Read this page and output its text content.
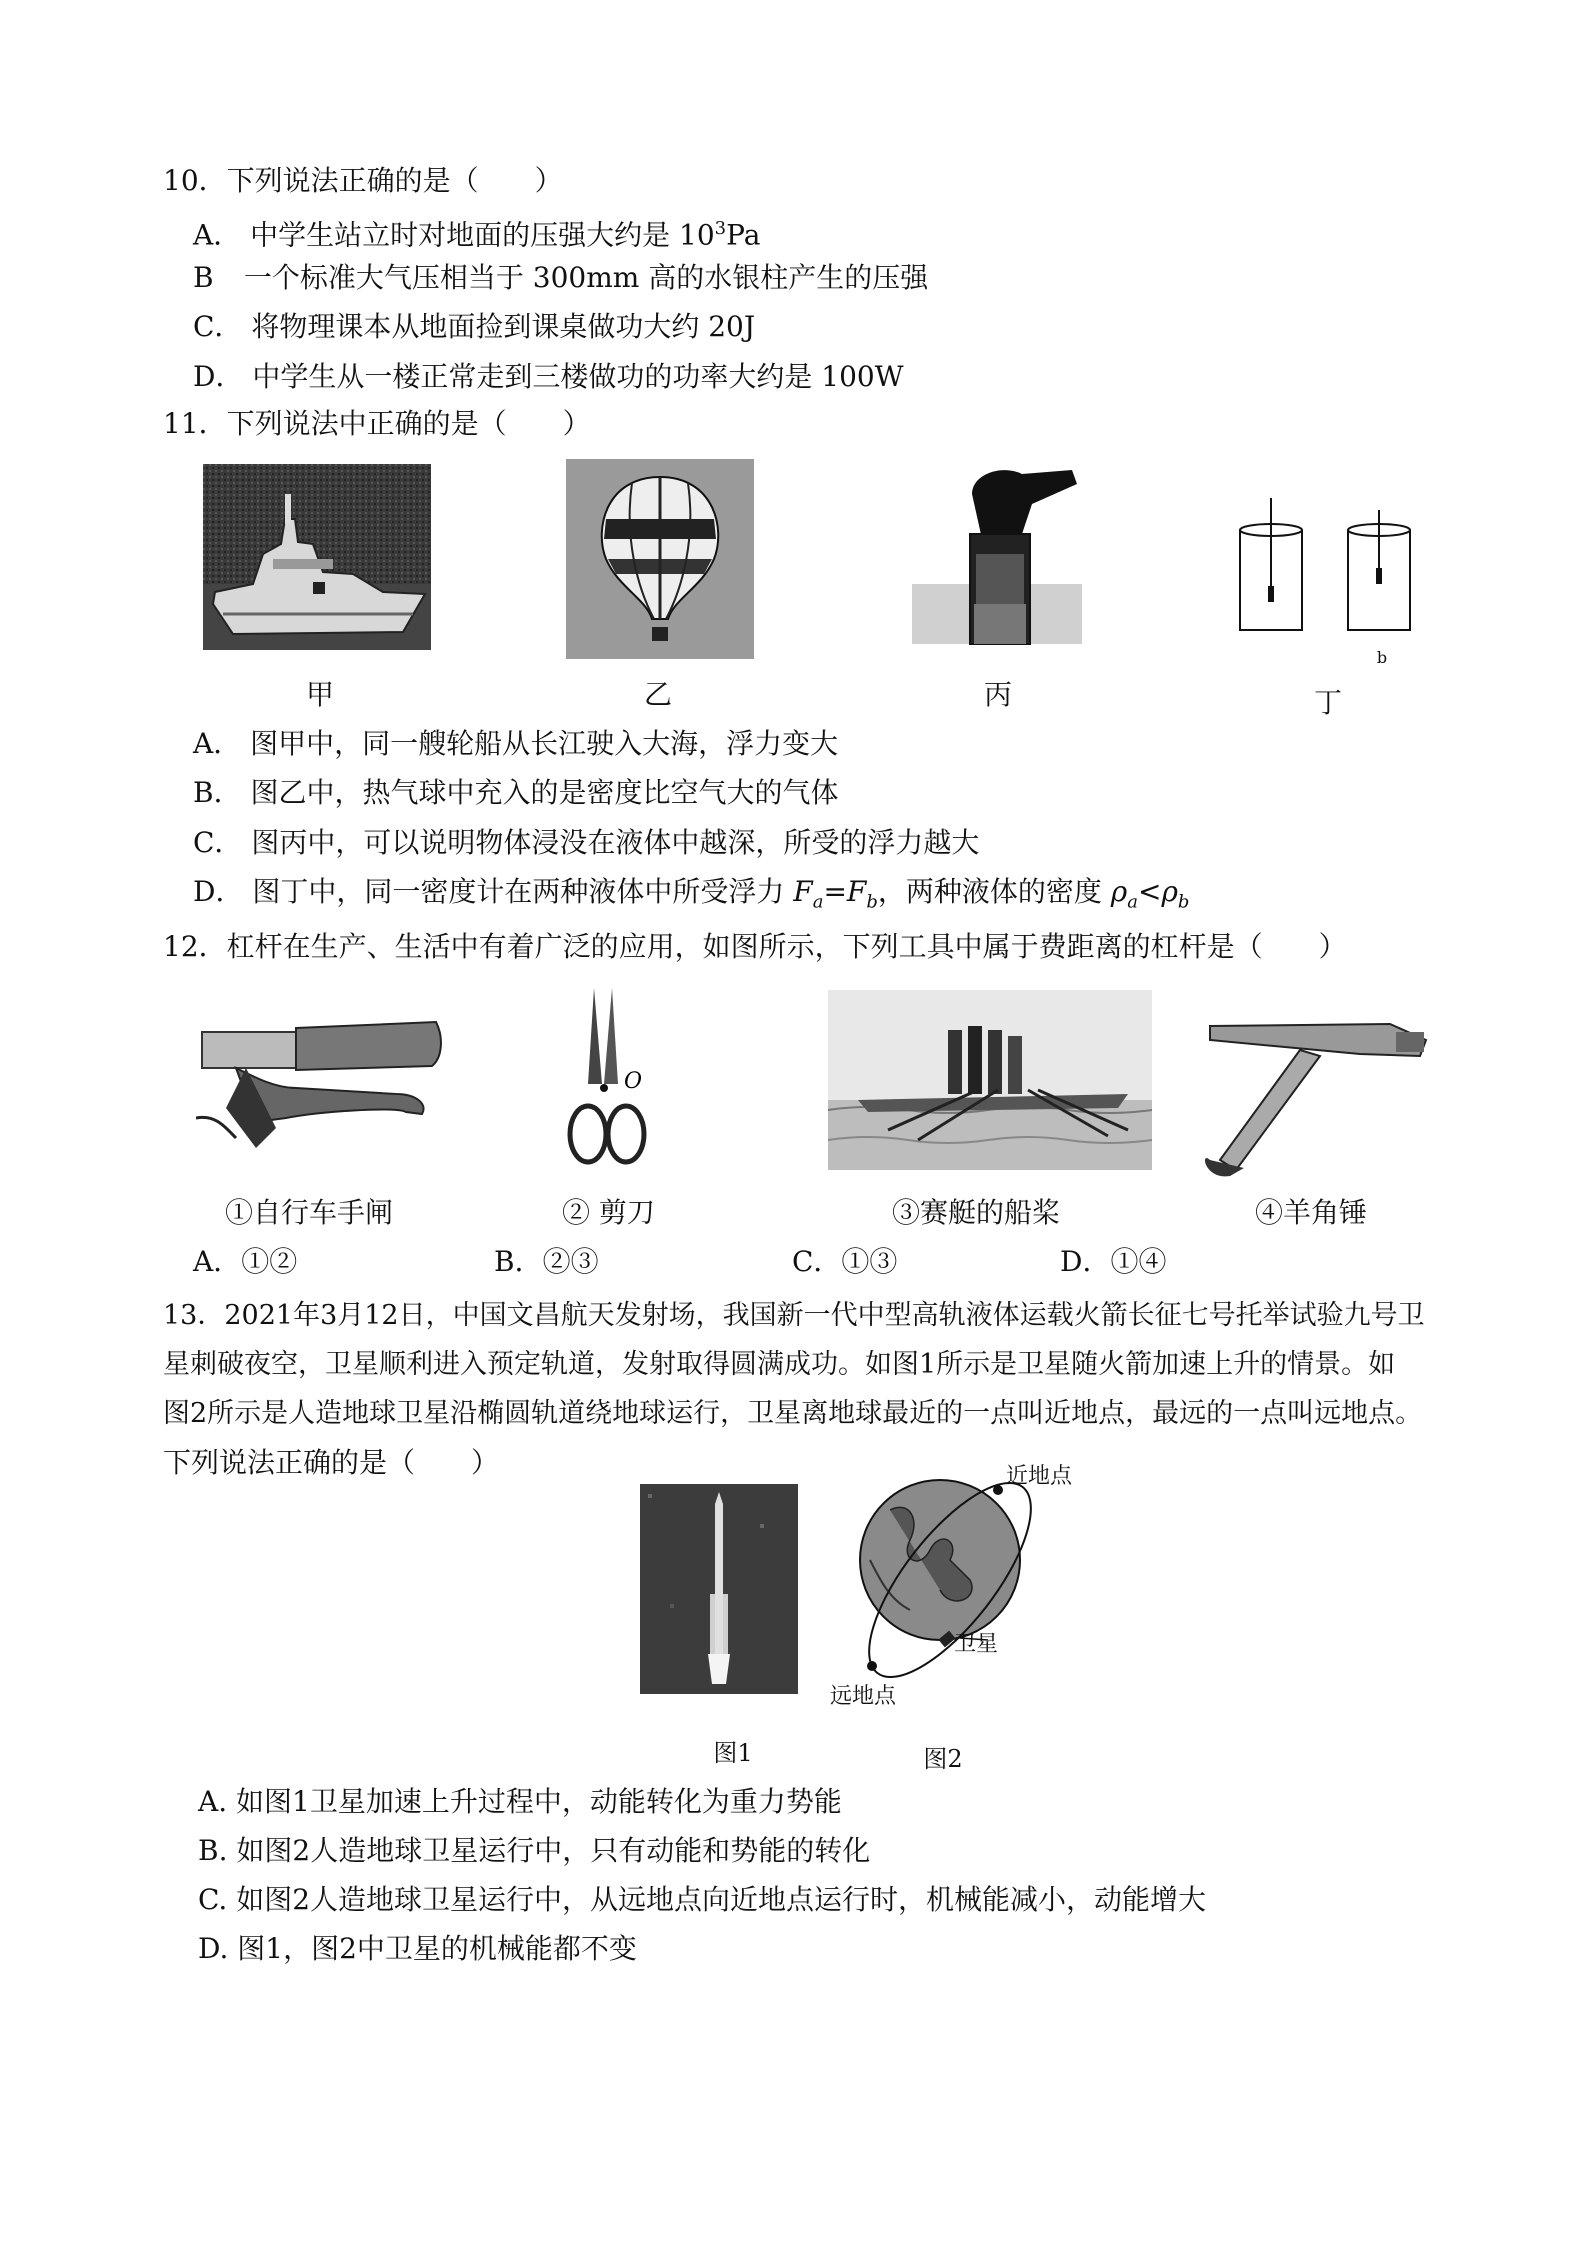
10．下列说法正确的是（　　）
A． 中学生站立时对地面的压强大约是 $10^3Pa$
B 一个标准大气压相当于 300mm 高的水银柱产生的压强
C． 将物理课本从地面捡到课桌做功大约 20J
D． 中学生从一楼正常走到三楼做功的功率大约是 100W
11．下列说法中正确的是（　　）
甲	乙	丙
b
丁
A． 图甲中，同一艘轮船从长江驶入大海，浮力变大
B． 图乙中，热气球中充入的是密度比空气大的气体
C． 图丙中，可以说明物体浸没在液体中越深，所受的浮力越大
D． 图丁中，同一密度计在两种液体中所受浮力 $F_a=F_b$，两种液体的密度 $\rho_a<\rho_b$
12．杠杆在生产、生活中有着广泛的应用，如图所示，下列工具中属于费距离的杠杆是（　　）
①自行车手闸
O
② 剪刀	③赛艇的船桨	④羊角锤
A．①②	B．②③	C．①③	D．①④
13．2021年3月12日，中国文昌航天发射场，我国新一代中型高轨液体运载火箭长征七号托举试验九号卫
星刺破夜空，卫星顺利进入预定轨道，发射取得圆满成功。如图1所示是卫星随火箭加速上升的情景。如
图2所示是人造地球卫星沿椭圆轨道绕地球运行，卫星离地球最近的一点叫近地点，最远的一点叫远地点。
下列说法正确的是（　　）	近地点
卫星
远地点
图1	图2
A. 如图1卫星加速上升过程中，动能转化为重力势能
B. 如图2人造地球卫星运行中，只有动能和势能的转化
C. 如图2人造地球卫星运行中，从远地点向近地点运行时，机械能减小，动能增大
D. 图1，图2中卫星的机械能都不变
